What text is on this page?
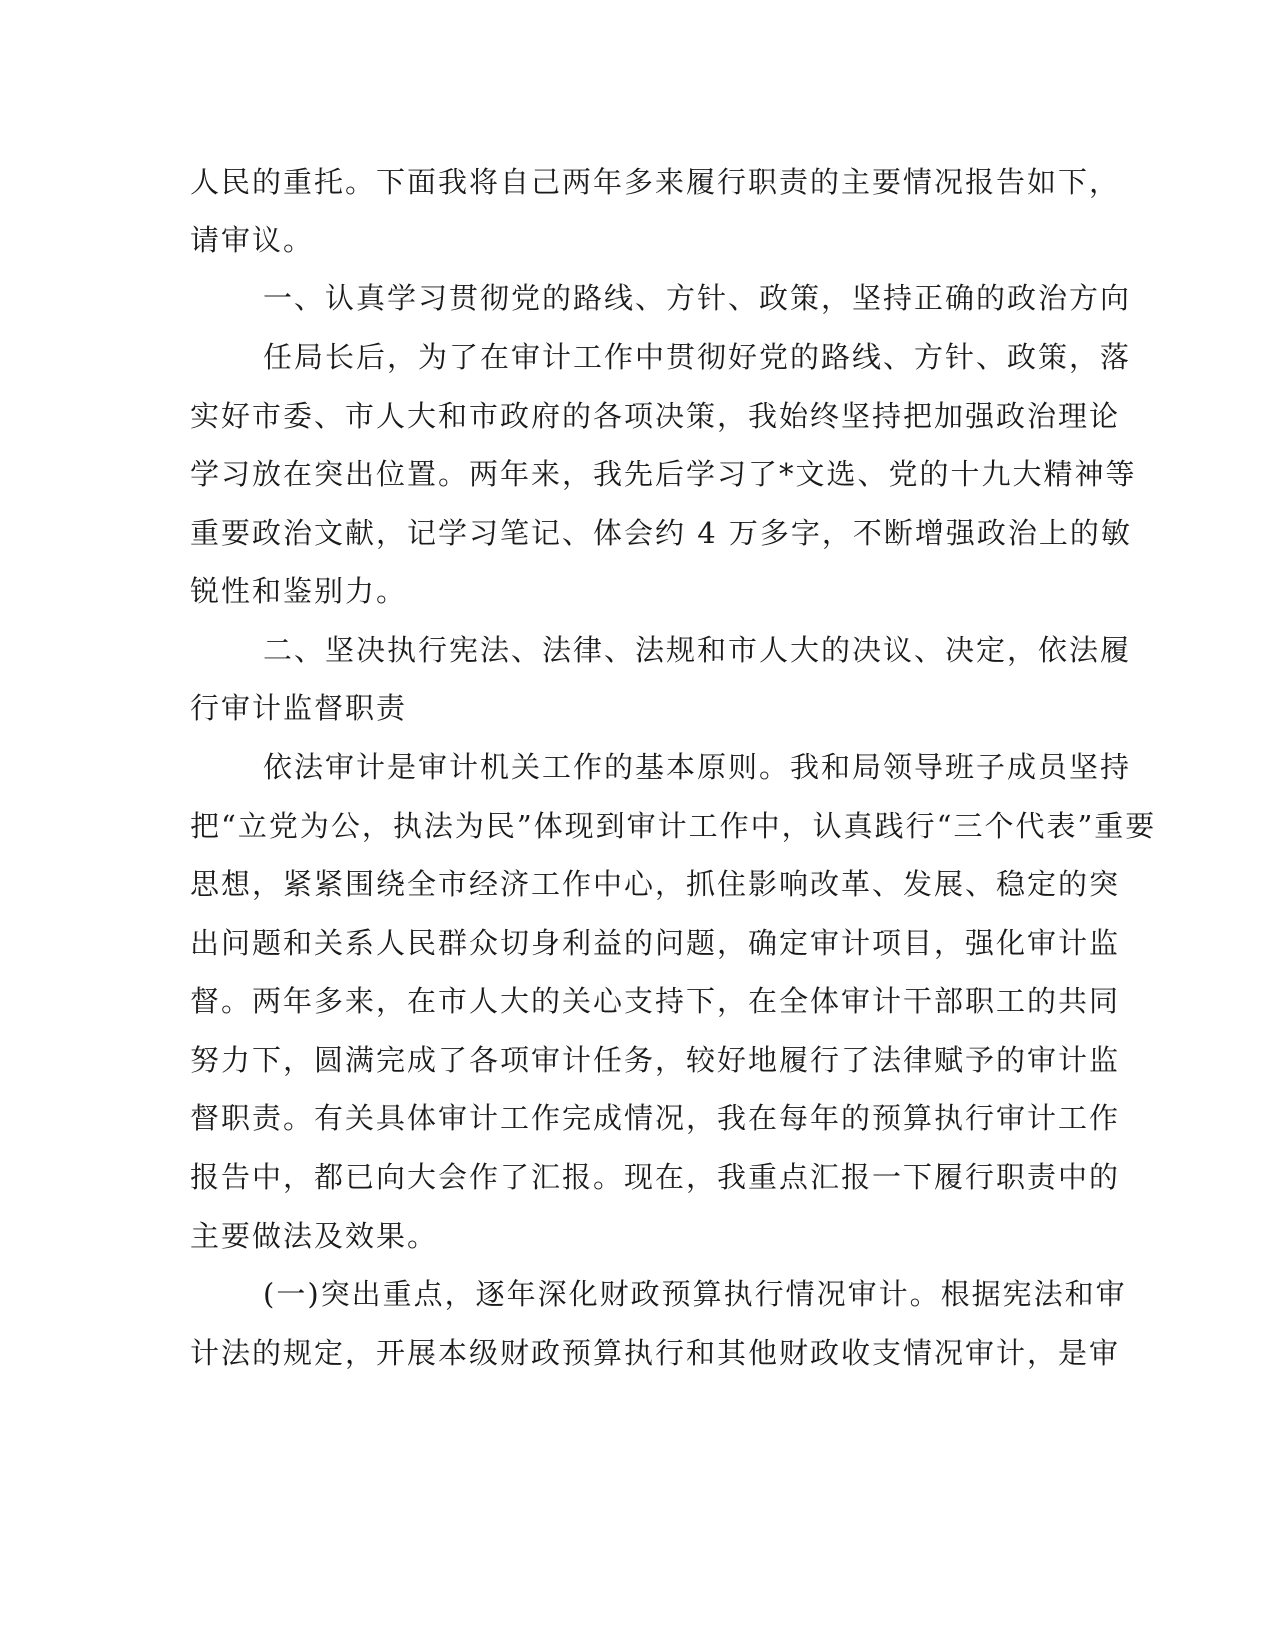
人民的重托。下面我将自己两年多来履行职责的主要情况报告如下，

请审议。

一、认真学习贯彻党的路线、方针、政策，坚持正确的政治方向

任局长后，为了在审计工作中贯彻好党的路线、方针、政策，落

实好市委、市人大和市政府的各项决策，我始终坚持把加强政治理论

学习放在突出位置。两年来，我先后学习了*文选、党的十九大精神等

重要政治文献，记学习笔记、体会约 4 万多字，不断增强政治上的敏

锐性和鉴别力。

二、坚决执行宪法、法律、法规和市人大的决议、决定，依法履

行审计监督职责

依法审计是审计机关工作的基本原则。我和局领导班子成员坚持

把“立党为公，执法为民”体现到审计工作中，认真践行“三个代表”重要

思想，紧紧围绕全市经济工作中心，抓住影响改革、发展、稳定的突

出问题和关系人民群众切身利益的问题，确定审计项目，强化审计监

督。两年多来，在市人大的关心支持下，在全体审计干部职工的共同

努力下，圆满完成了各项审计任务，较好地履行了法律赋予的审计监

督职责。有关具体审计工作完成情况，我在每年的预算执行审计工作

报告中，都已向大会作了汇报。现在，我重点汇报一下履行职责中的

主要做法及效果。

(一)突出重点，逐年深化财政预算执行情况审计。根据宪法和审

计法的规定，开展本级财政预算执行和其他财政收支情况审计，是审
